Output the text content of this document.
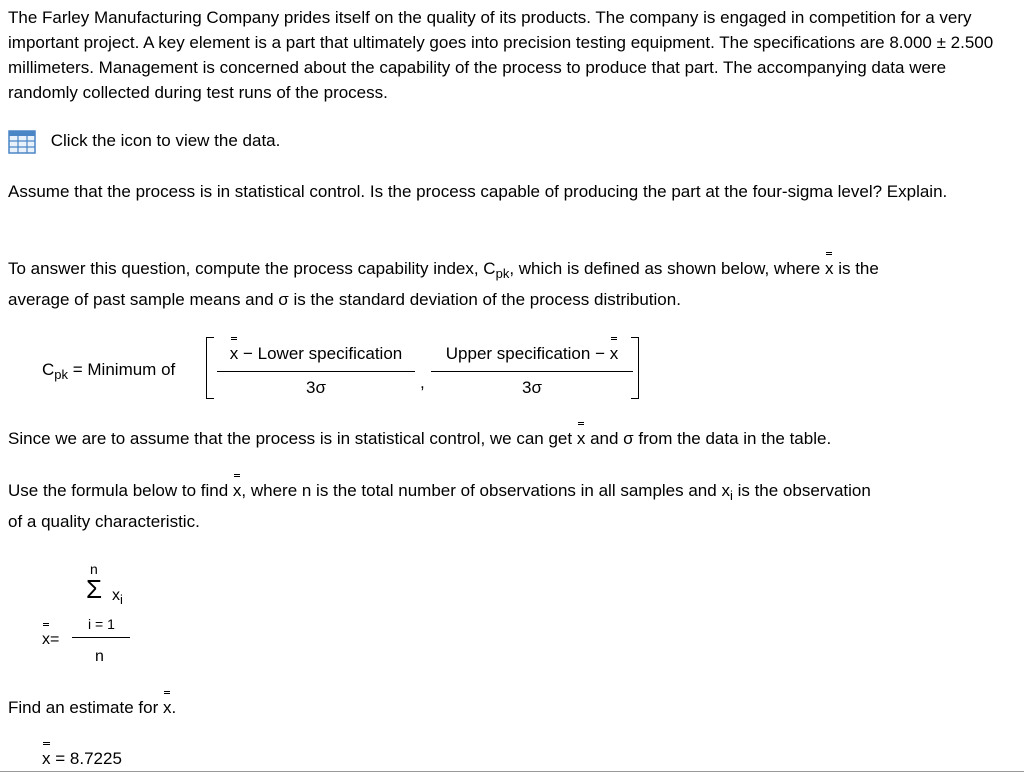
The Farley Manufacturing Company prides itself on the quality of its products. The company is engaged in competition for a very important project. A key element is a part that ultimately goes into precision testing equipment. The specifications are 8.000 ± 2.500 millimeters. Management is concerned about the capability of the process to produce that part. The accompanying data were randomly collected during test runs of the process.

Click the icon to view the data.

Assume that the process is in statistical control. Is the process capable of producing the part at the four-sigma level? Explain.

To answer this question, compute the process capability index, $C_{pk}$, which is defined as shown below, where x is the

average of past sample means and σ is the standard deviation of the process distribution.

$C_{pk}$ = Minimum of
x − Lower specification
3σ	,
Upper specification − x
3σ
Since we are to assume that the process is in statistical control, we can get x and σ from the data in the table.
Use the formula below to find x, where n is the total number of observations in all samples and $x_i$ is the observation

of a quality characteristic.

n
Σ $x_i$
i = 1
x=
n
Find an estimate for x.
x = 8.7225
